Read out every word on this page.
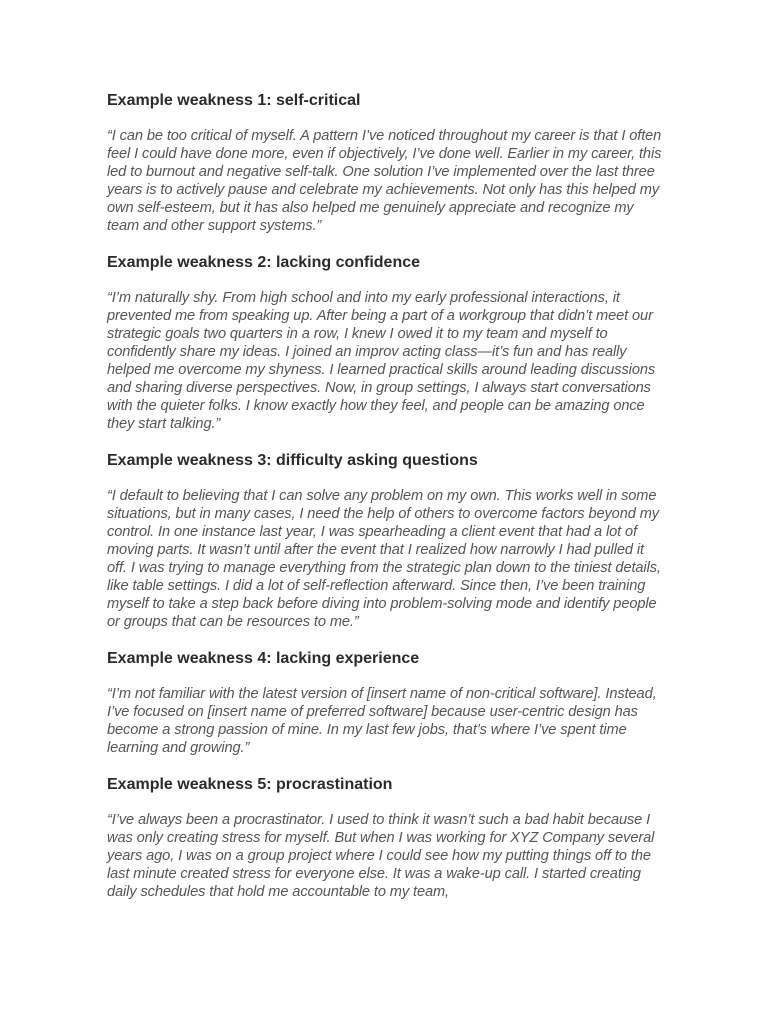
Example weakness 1: self-critical

“I can be too critical of myself. A pattern I’ve noticed throughout my career is that I often feel I could have done more, even if objectively, I’ve done well. Earlier in my career, this led to burnout and negative self-talk. One solution I’ve implemented over the last three years is to actively pause and celebrate my achievements. Not only has this helped my own self-esteem, but it has also helped me genuinely appreciate and recognize my team and other support systems.”

Example weakness 2: lacking confidence

“I’m naturally shy. From high school and into my early professional interactions, it prevented me from speaking up. After being a part of a workgroup that didn’t meet our strategic goals two quarters in a row, I knew I owed it to my team and myself to confidently share my ideas. I joined an improv acting class—it’s fun and has really helped me overcome my shyness. I learned practical skills around leading discussions and sharing diverse perspectives. Now, in group settings, I always start conversations with the quieter folks. I know exactly how they feel, and people can be amazing once they start talking.”

Example weakness 3: difficulty asking questions

“I default to believing that I can solve any problem on my own. This works well in some situations, but in many cases, I need the help of others to overcome factors beyond my control. In one instance last year, I was spearheading a client event that had a lot of moving parts. It wasn’t until after the event that I realized how narrowly I had pulled it off. I was trying to manage everything from the strategic plan down to the tiniest details, like table settings. I did a lot of self-reflection afterward. Since then, I’ve been training myself to take a step back before diving into problem-solving mode and identify people or groups that can be resources to me.”

Example weakness 4: lacking experience

“I’m not familiar with the latest version of [insert name of non-critical software]. Instead, I’ve focused on [insert name of preferred software] because user-centric design has become a strong passion of mine. In my last few jobs, that’s where I’ve spent time learning and growing.”

Example weakness 5: procrastination

“I’ve always been a procrastinator. I used to think it wasn’t such a bad habit because I was only creating stress for myself. But when I was working for XYZ Company several years ago, I was on a group project where I could see how my putting things off to the last minute created stress for everyone else. It was a wake-up call. I started creating daily schedules that hold me accountable to my team,
